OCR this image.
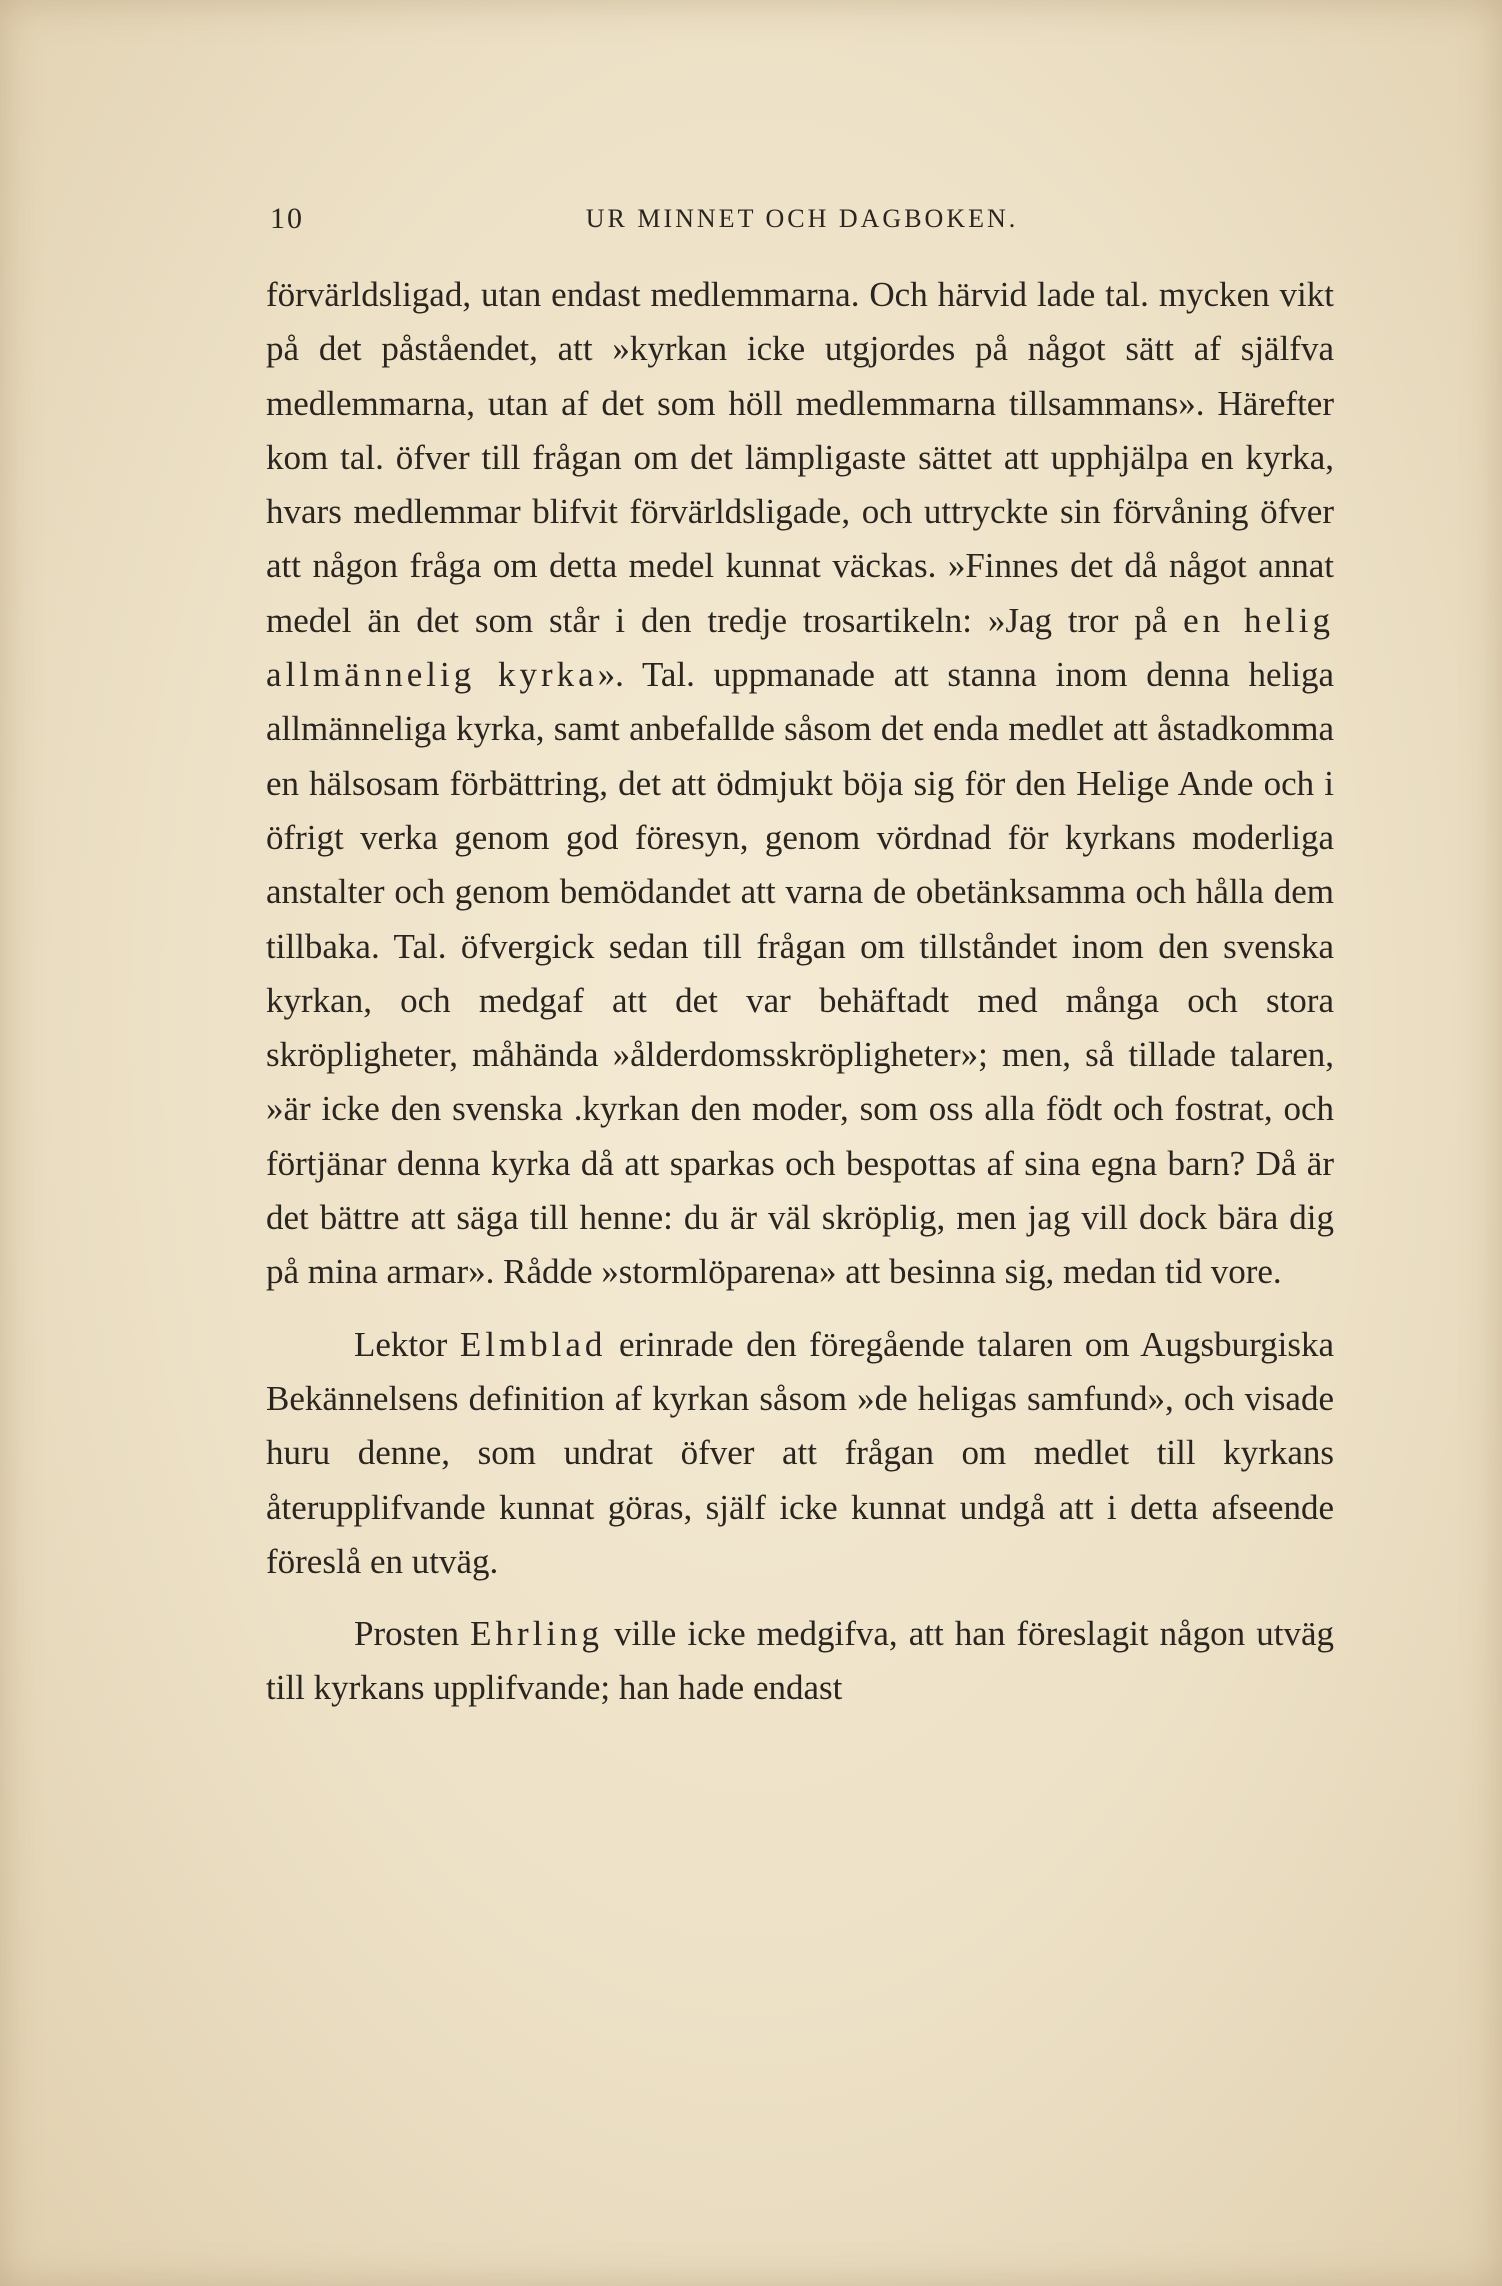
10	UR MINNET OCH DAGBOKEN.

förvärldsligad, utan endast medlemmarna. Och härvid lade tal. mycken vikt på det påståendet, att »kyrkan icke utgjordes på något sätt af själfva medlemmarna, utan af det som höll medlemmarna tillsammans». Härefter kom tal. öfver till frågan om det lämpligaste sättet att upphjälpa en kyrka, hvars medlemmar blifvit förvärldsligade, och uttryckte sin förvåning öfver att någon fråga om detta medel kunnat väckas. »Finnes det då något annat medel än det som står i den tredje trosartikeln: »Jag tror på en helig allmännelig kyrka». Tal. uppmanade att stanna inom denna heliga allmänneliga kyrka, samt anbefallde såsom det enda medlet att åstadkomma en hälsosam förbättring, det att ödmjukt böja sig för den Helige Ande och i öfrigt verka genom god föresyn, genom vördnad för kyrkans moderliga anstalter och genom bemödandet att varna de obetänksamma och hålla dem tillbaka. Tal. öfvergick sedan till frågan om tillståndet inom den svenska kyrkan, och medgaf att det var behäftadt med många och stora skröpligheter, måhända »ålderdomsskröpligheter»; men, så tillade talaren, »är icke den svenska .kyrkan den moder, som oss alla födt och fostrat, och förtjänar denna kyrka då att sparkas och bespottas af sina egna barn? Då är det bättre att säga till henne: du är väl skröplig, men jag vill dock bära dig på mina armar». Rådde »stormlöparena» att besinna sig, medan tid vore.

Lektor Elmblad erinrade den föregående talaren om Augsburgiska Bekännelsens definition af kyrkan såsom »de heligas samfund», och visade huru denne, som undrat öfver att frågan om medlet till kyrkans återupplifvande kunnat göras, själf icke kunnat undgå att i detta afseende föreslå en utväg.

Prosten Ehrling ville icke medgifva, att han föreslagit någon utväg till kyrkans upplifvande; han hade endast
